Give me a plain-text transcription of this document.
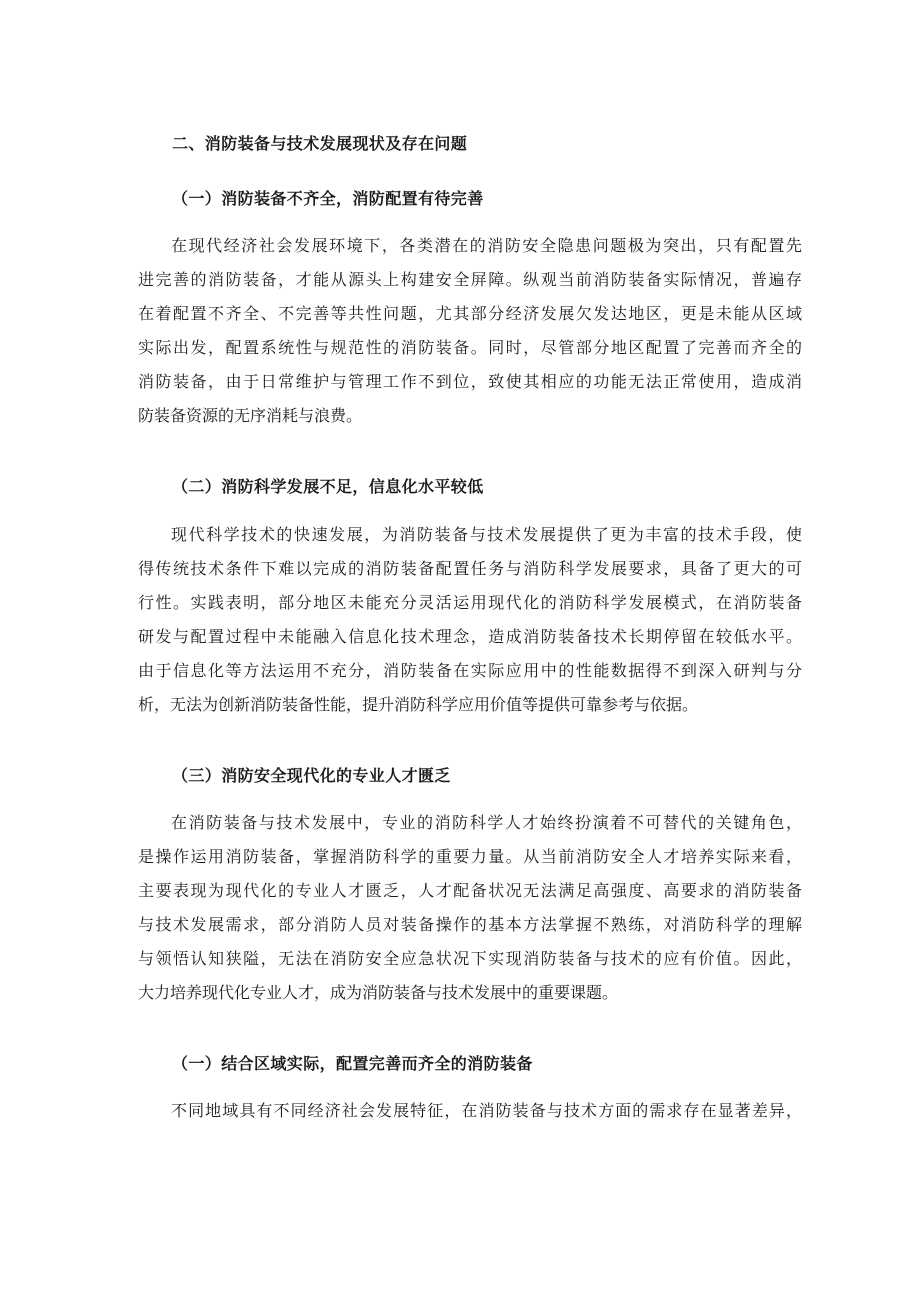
二、消防装备与技术发展现状及存在问题
（一）消防装备不齐全，消防配置有待完善
在现代经济社会发展环境下，各类潜在的消防安全隐患问题极为突出，只有配置先
进完善的消防装备，才能从源头上构建安全屏障。纵观当前消防装备实际情况，普遍存
在着配置不齐全、不完善等共性问题，尤其部分经济发展欠发达地区，更是未能从区域
实际出发，配置系统性与规范性的消防装备。同时，尽管部分地区配置了完善而齐全的
消防装备，由于日常维护与管理工作不到位，致使其相应的功能无法正常使用，造成消
防装备资源的无序消耗与浪费。
（二）消防科学发展不足，信息化水平较低
现代科学技术的快速发展，为消防装备与技术发展提供了更为丰富的技术手段，使
得传统技术条件下难以完成的消防装备配置任务与消防科学发展要求，具备了更大的可
行性。实践表明，部分地区未能充分灵活运用现代化的消防科学发展模式，在消防装备
研发与配置过程中未能融入信息化技术理念，造成消防装备技术长期停留在较低水平。
由于信息化等方法运用不充分，消防装备在实际应用中的性能数据得不到深入研判与分
析，无法为创新消防装备性能，提升消防科学应用价值等提供可靠参考与依据。
（三）消防安全现代化的专业人才匮乏
在消防装备与技术发展中，专业的消防科学人才始终扮演着不可替代的关键角色，
是操作运用消防装备，掌握消防科学的重要力量。从当前消防安全人才培养实际来看，
主要表现为现代化的专业人才匮乏，人才配备状况无法满足高强度、高要求的消防装备
与技术发展需求，部分消防人员对装备操作的基本方法掌握不熟练，对消防科学的理解
与领悟认知狭隘，无法在消防安全应急状况下实现消防装备与技术的应有价值。因此，
大力培养现代化专业人才，成为消防装备与技术发展中的重要课题。
（一）结合区域实际，配置完善而齐全的消防装备
不同地域具有不同经济社会发展特征，在消防装备与技术方面的需求存在显著差异，
